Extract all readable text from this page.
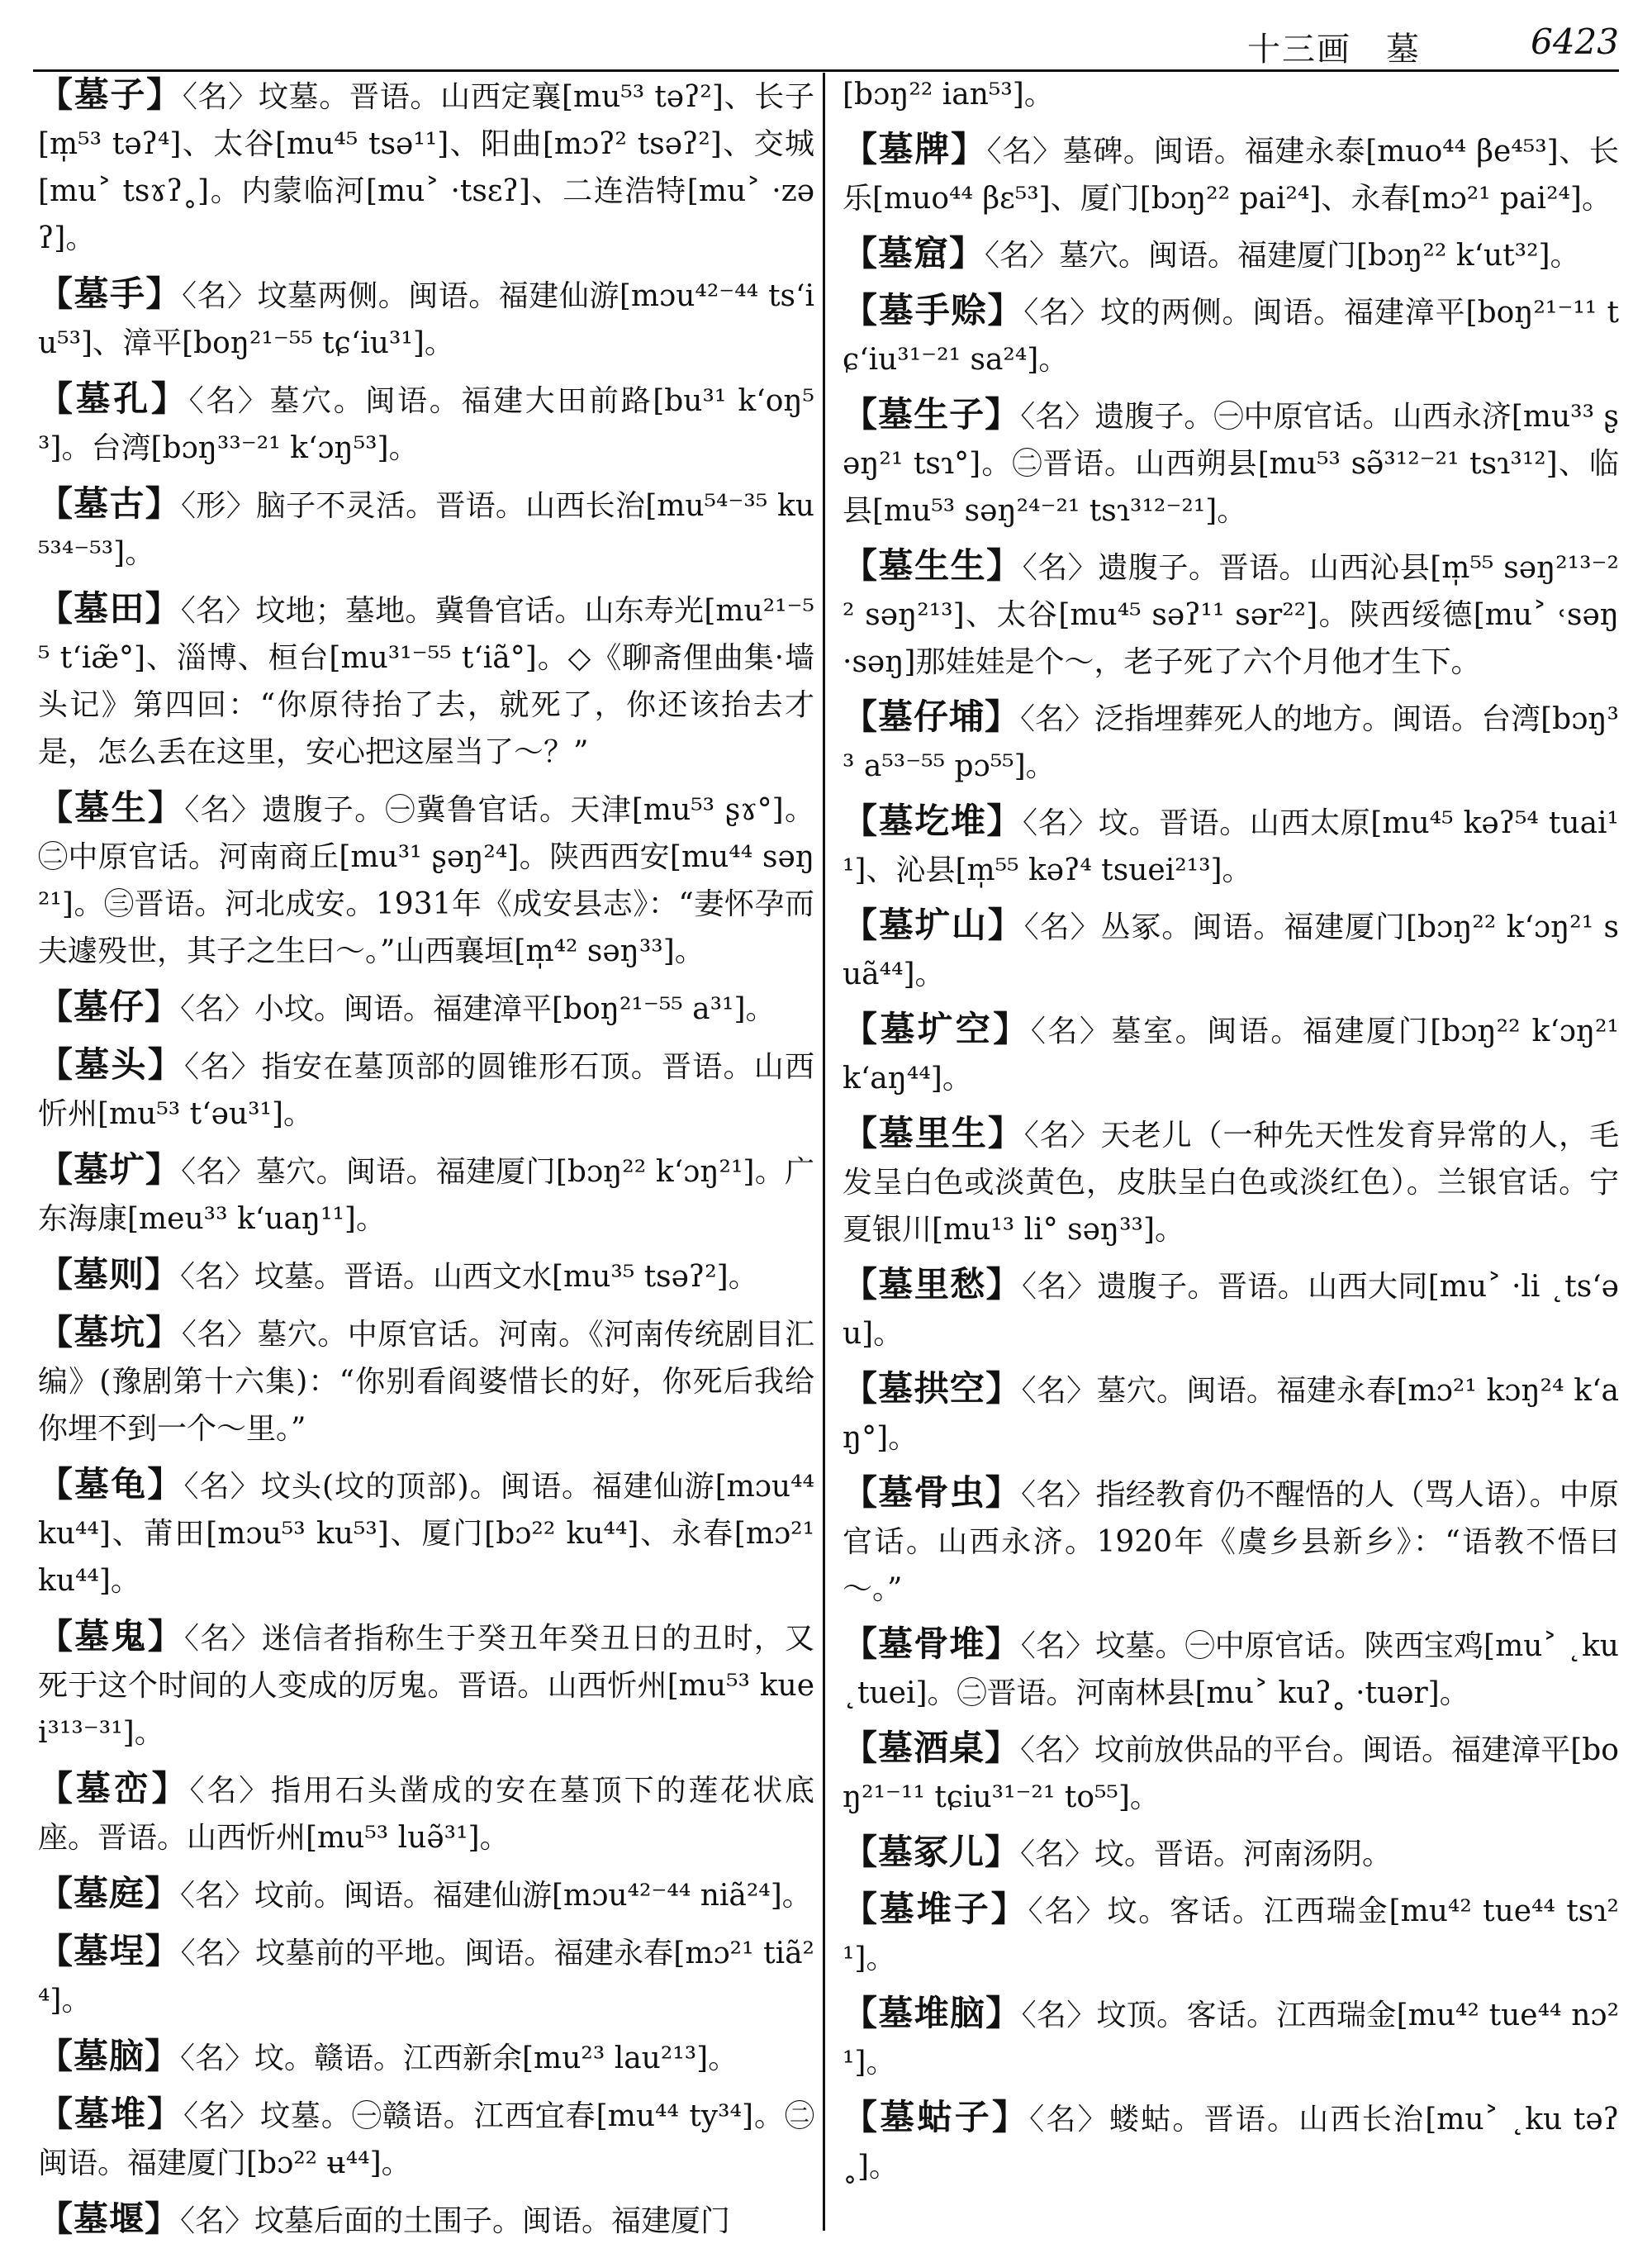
十三画　墓	6423
【墓子】〈名〉坟墓。晋语。山西定襄[mu⁵³ təʔ²]、长子[m̩⁵³ təʔ⁴]、太谷[mu⁴⁵ tsə¹¹]、阳曲[mɔʔ² tsəʔ²]、交城[mu˃ tsɤʔ˳]。内蒙临河[mu˃ ·tsɛʔ]、二连浩特[mu˃ ·zəʔ]。
【墓手】〈名〉坟墓两侧。闽语。福建仙游[mɔu⁴²⁻⁴⁴ ts‘iu⁵³]、漳平[boŋ²¹⁻⁵⁵ tɕ‘iu³¹]。
【墓孔】〈名〉墓穴。闽语。福建大田前路[bu³¹ k‘oŋ⁵³]。台湾[bɔŋ³³⁻²¹ k‘ɔŋ⁵³]。
【墓古】〈形〉脑子不灵活。晋语。山西长治[mu⁵⁴⁻³⁵ ku⁵³⁴⁻⁵³]。
【墓田】〈名〉坟地；墓地。冀鲁官话。山东寿光[mu²¹⁻⁵⁵ t‘iæ̃°]、淄博、桓台[mu³¹⁻⁵⁵ t‘iã°]。◇《聊斋俚曲集·墙头记》第四回：“你原待抬了去，就死了，你还该抬去才是，怎么丢在这里，安心把这屋当了～？”
【墓生】〈名〉遗腹子。㊀冀鲁官话。天津[mu⁵³ ʂɤ°]。㊁中原官话。河南商丘[mu³¹ ʂəŋ²⁴]。陕西西安[mu⁴⁴ səŋ²¹]。㊂晋语。河北成安。1931年《成安县志》：“妻怀孕而夫遽殁世，其子之生曰～。”山西襄垣[m̩⁴² səŋ³³]。
【墓仔】〈名〉小坟。闽语。福建漳平[boŋ²¹⁻⁵⁵ a³¹]。
【墓头】〈名〉指安在墓顶部的圆锥形石顶。晋语。山西忻州[mu⁵³ t‘əu³¹]。
【墓圹】〈名〉墓穴。闽语。福建厦门[bɔŋ²² k‘ɔŋ²¹]。广东海康[meu³³ k‘uaŋ¹¹]。
【墓则】〈名〉坟墓。晋语。山西文水[mu³⁵ tsəʔ²]。
【墓坑】〈名〉墓穴。中原官话。河南。《河南传统剧目汇编》(豫剧第十六集)：“你别看阎婆惜长的好，你死后我给你埋不到一个～里。”
【墓龟】〈名〉坟头(坟的顶部)。闽语。福建仙游[mɔu⁴⁴ ku⁴⁴]、莆田[mɔu⁵³ ku⁵³]、厦门[bɔ²² ku⁴⁴]、永春[mɔ²¹ ku⁴⁴]。
【墓鬼】〈名〉迷信者指称生于癸丑年癸丑日的丑时，又死于这个时间的人变成的厉鬼。晋语。山西忻州[mu⁵³ kuei³¹³⁻³¹]。
【墓峦】〈名〉指用石头凿成的安在墓顶下的莲花状底座。晋语。山西忻州[mu⁵³ luə̃³¹]。
【墓庭】〈名〉坟前。闽语。福建仙游[mɔu⁴²⁻⁴⁴ niã²⁴]。
【墓埕】〈名〉坟墓前的平地。闽语。福建永春[mɔ²¹ tiã²⁴]。
【墓脑】〈名〉坟。赣语。江西新余[mu²³ lau²¹³]。
【墓堆】〈名〉坟墓。㊀赣语。江西宜春[mu⁴⁴ ty³⁴]。㊁闽语。福建厦门[bɔ²² ʉ⁴⁴]。
【墓堰】〈名〉坟墓后面的土围子。闽语。福建厦门
[bɔŋ²² ian⁵³]。
【墓牌】〈名〉墓碑。闽语。福建永泰[muo⁴⁴ βe⁴⁵³]、长乐[muo⁴⁴ βɛ⁵³]、厦门[bɔŋ²² pai²⁴]、永春[mɔ²¹ pai²⁴]。
【墓窟】〈名〉墓穴。闽语。福建厦门[bɔŋ²² k‘ut³²]。
【墓手赊】〈名〉坟的两侧。闽语。福建漳平[boŋ²¹⁻¹¹ tɕ‘iu³¹⁻²¹ sa²⁴]。
【墓生子】〈名〉遗腹子。㊀中原官话。山西永济[mu³³ ʂəŋ²¹ tsɿ°]。㊁晋语。山西朔县[mu⁵³ sə̃³¹²⁻²¹ tsɿ³¹²]、临县[mu⁵³ səŋ²⁴⁻²¹ tsɿ³¹²⁻²¹]。
【墓生生】〈名〉遗腹子。晋语。山西沁县[m̩⁵⁵ səŋ²¹³⁻²² səŋ²¹³]、太谷[mu⁴⁵ səʔ¹¹ sər²²]。陕西绥德[mu˃ ˓səŋ ·səŋ]那娃娃是个～，老子死了六个月他才生下。
【墓仔埔】〈名〉泛指埋葬死人的地方。闽语。台湾[bɔŋ³³ a⁵³⁻⁵⁵ pɔ⁵⁵]。
【墓圪堆】〈名〉坟。晋语。山西太原[mu⁴⁵ kəʔ⁵⁴ tuai¹¹]、沁县[m̩⁵⁵ kəʔ⁴ tsuei²¹³]。
【墓圹山】〈名〉丛冢。闽语。福建厦门[bɔŋ²² k‘ɔŋ²¹ suã⁴⁴]。
【墓圹空】〈名〉墓室。闽语。福建厦门[bɔŋ²² k‘ɔŋ²¹ k‘aŋ⁴⁴]。
【墓里生】〈名〉天老儿（一种先天性发育异常的人，毛发呈白色或淡黄色，皮肤呈白色或淡红色）。兰银官话。宁夏银川[mu¹³ li° səŋ³³]。
【墓里愁】〈名〉遗腹子。晋语。山西大同[mu˃ ·li ˛ts‘əu]。
【墓拱空】〈名〉墓穴。闽语。福建永春[mɔ²¹ kɔŋ²⁴ k‘aŋ°]。
【墓骨虫】〈名〉指经教育仍不醒悟的人（骂人语）。中原官话。山西永济。1920年《虞乡县新乡》：“语教不悟曰～。”
【墓骨堆】〈名〉坟墓。㊀中原官话。陕西宝鸡[mu˃ ˛ku ˛tuei]。㊁晋语。河南林县[mu˃ kuʔ˳ ·tuər]。
【墓酒桌】〈名〉坟前放供品的平台。闽语。福建漳平[boŋ²¹⁻¹¹ tɕiu³¹⁻²¹ to⁵⁵]。
【墓冢儿】〈名〉坟。晋语。河南汤阴。
【墓堆子】〈名〉坟。客话。江西瑞金[mu⁴² tue⁴⁴ tsɿ²¹]。
【墓堆脑】〈名〉坟顶。客话。江西瑞金[mu⁴² tue⁴⁴ nɔ²¹]。
【墓蛄子】〈名〉蝼蛄。晋语。山西长治[mu˃ ˛ku təʔ˳]。
